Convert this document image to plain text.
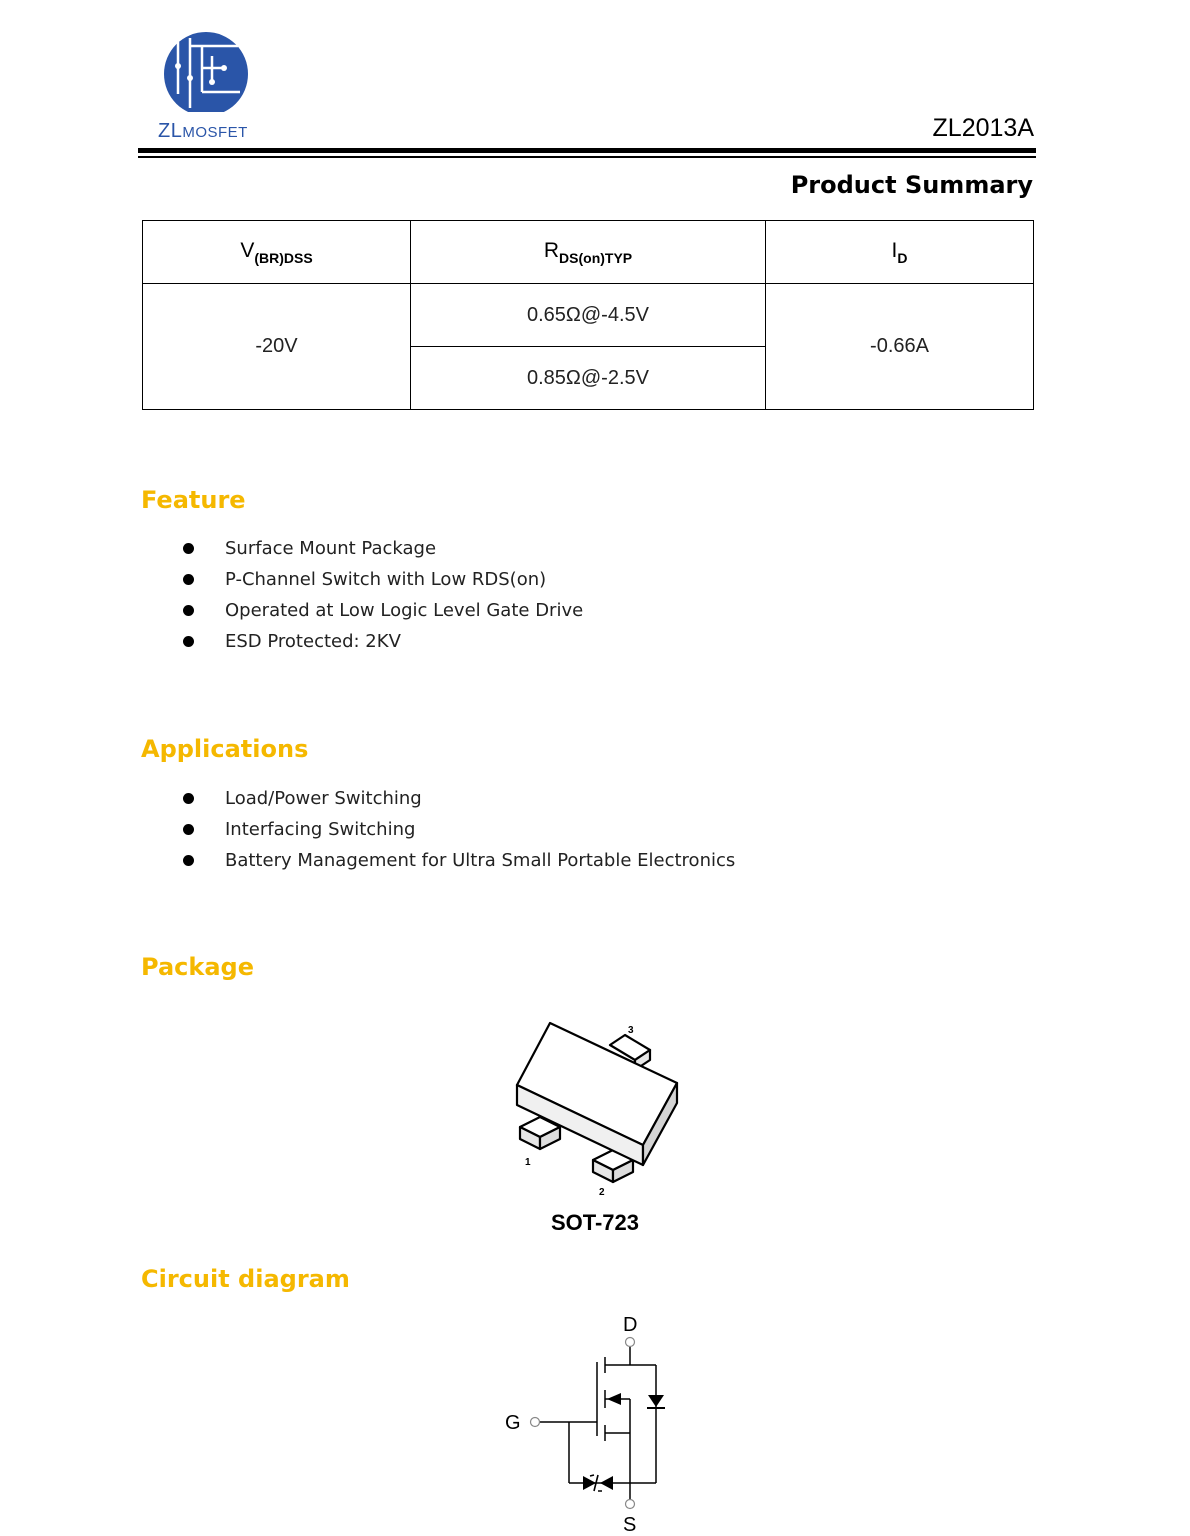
ZLMOSFET	ZL2013A
Product Summary
$V_{(BR)DSS}$	$R_{DS(on)TYP}$	$I_D$
-20V	0.65Ω@-4.5V	-0.66A
	0.85Ω@-2.5V	
Feature
Surface Mount Package
P-Channel Switch with Low RDS(on)
Operated at Low Logic Level Gate Drive
ESD Protected: 2KV
Applications
Load/Power Switching
Interfacing Switching
Battery Management for Ultra Small Portable Electronics
Package
3
1
2
SOT-723
Circuit diagram
D
G
S
